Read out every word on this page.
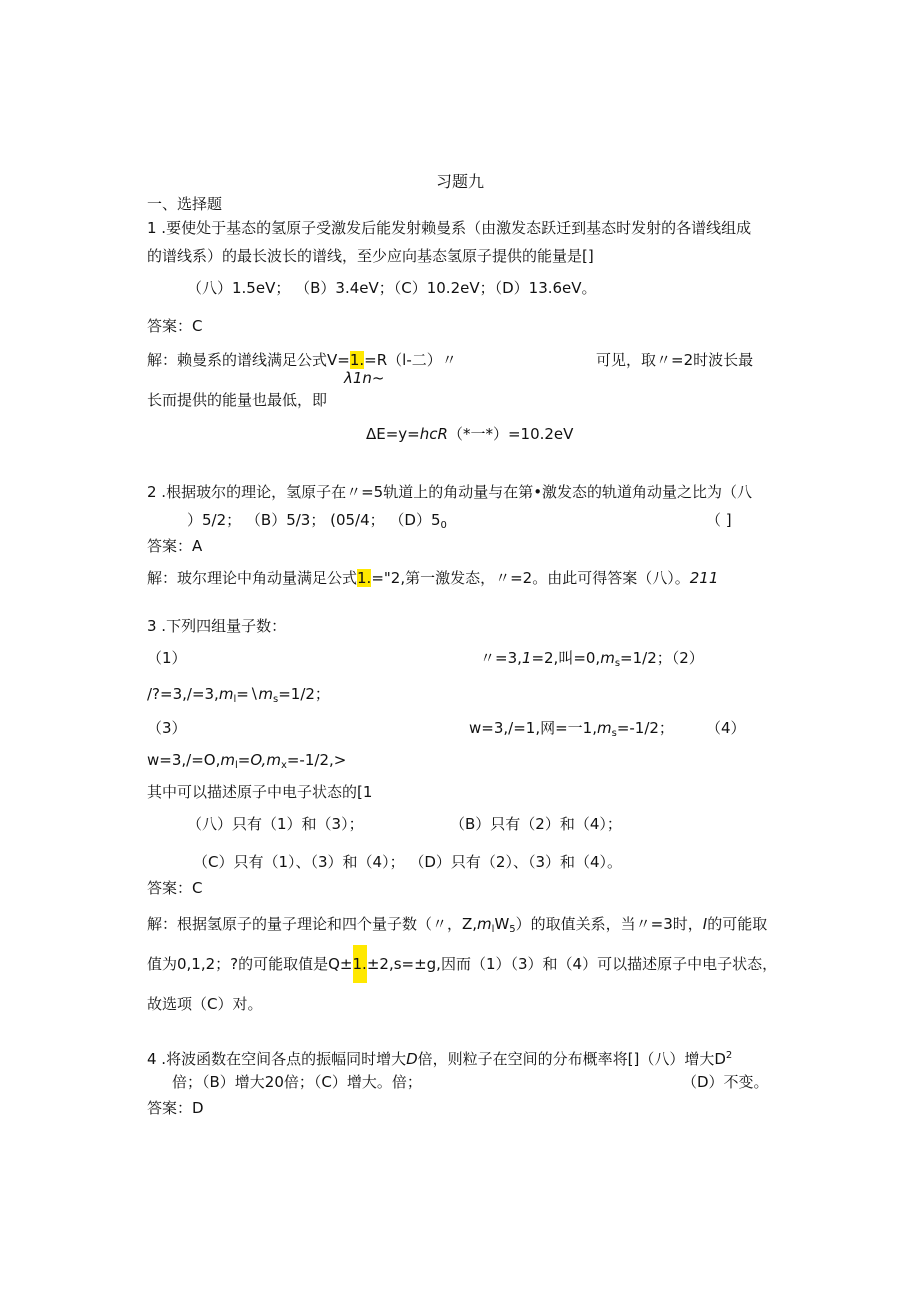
习题九
一、选择题
1 .要使处于基态的氢原子受激发后能发射赖曼系（由激发态跃迁到基态时发射的各谱线组成
的谱线系）的最长波长的谱线，至少应向基态氢原子提供的能量是[]
（八）1.5eV； （B）3.4eV；（C）10.2eV；（D）13.6eV。
答案：C
解：赖曼系的谱线满足公式V=1.=R（l-二）〃	可见，取〃=2时波长最
λ1n~
长而提供的能量也最低，即
ΔE=y=hcR（*一*）=10.2eV
2 .根据玻尔的理论，氢原子在〃=5轨道上的角动量与在第•激发态的轨道角动量之比为（八
）5/2； （B）5/3； (05/4； $(D)5_0$	（ ]
答案：A
解：玻尔理论中角动量满足公式1.="2,第一激发态，〃=2。由此可得答案（八）。211
3 .下列四组量子数：
（1）	〃=3,1=2,叫$=0,m_s=1/2$；（2）
$/?=3,/=3,m_l=∖m_s=1/2$；
（3）	w=3,/=1,网=一$1,m_s=-1/2$； （4）
$w=3,/=O,m_l=O,m_x=-1/2,>$
其中可以描述原子中电子状态的[1
（八）只有（1）和（3）；	（B）只有（2）和（4）；
（C）只有（1）、（3）和（4）； （D）只有（2）、（3）和（4）。
答案：C
解：根据氢原子的量子理论和四个量子数（〃，$Z,m_lW_5$）的取值关系，当〃=3时，I的可能取
值为0,1,2；?的可能取值是Q±1.±2,s=±g,因而（1）（3）和（4）可以描述原子中电子状态，
故选项（C）对。
4 .将波函数在空间各点的振幅同时增大D倍，则粒子在空间的分布概率将[]（八）增大$D^2$
倍；（B）增大20倍；（C）增大。倍；	（D）不变。
答案：D
